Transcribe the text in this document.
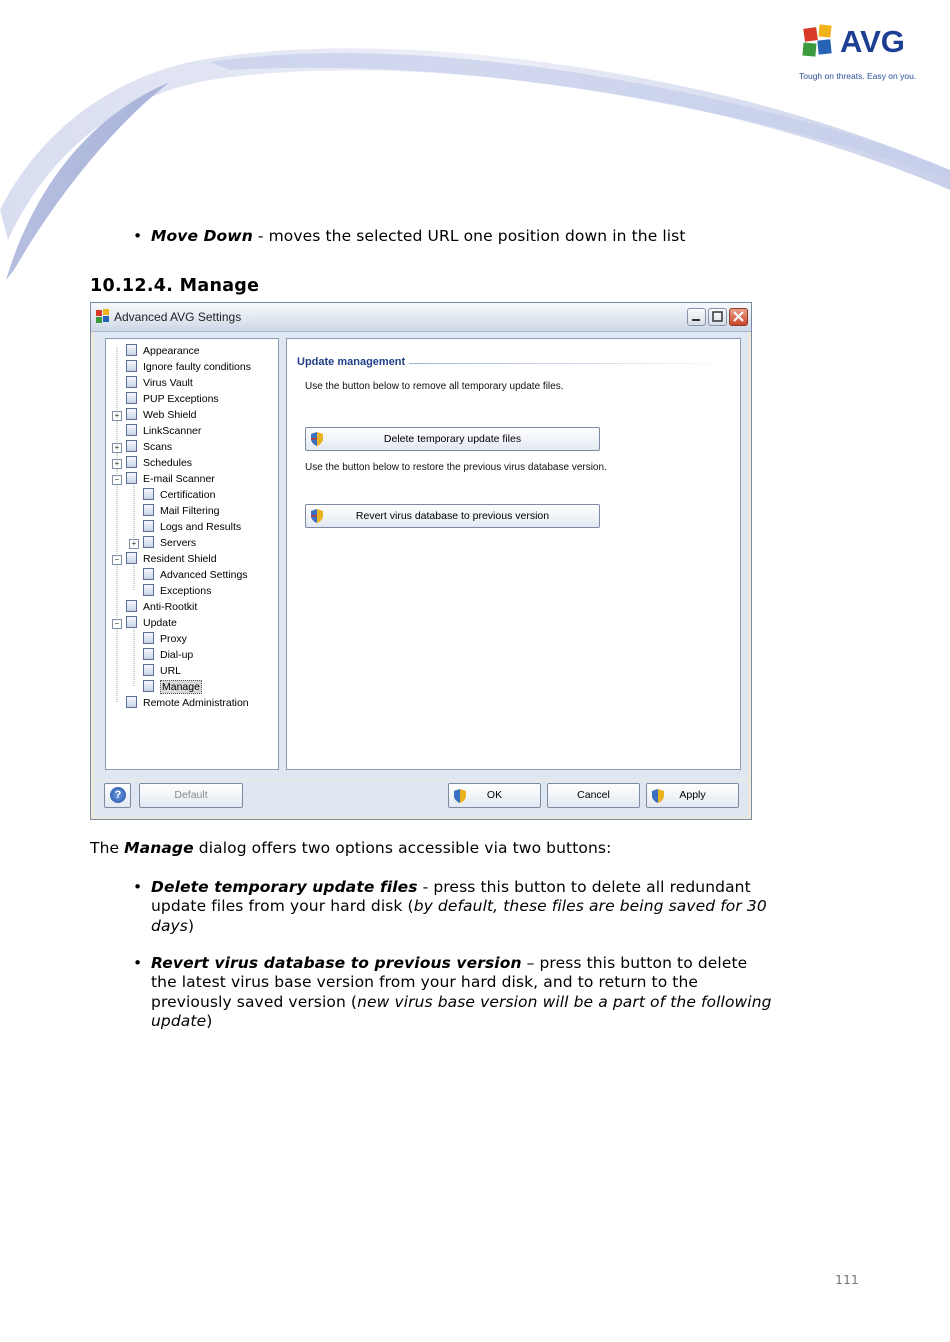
AVG
Tough on threats. Easy on you.
• Move Down - moves the selected URL one position down in the list
10.12.4. Manage
Advanced AVG Settings
+
+
+
−
+
−
−
Appearance
Ignore faulty conditions
Virus Vault
PUP Exceptions
Web Shield
LinkScanner
Scans
Schedules
E-mail Scanner
Certification
Mail Filtering
Logs and Results
Servers
Resident Shield
Advanced Settings
Exceptions
Anti-Rootkit
Update
Proxy
Dial-up
URL
Manage
Remote Administration
Update management
Use the button below to remove all temporary update files.
Delete temporary update files
Use the button below to restore the previous virus database version.
Revert virus database to previous version
?	Default	OK	Cancel	Apply
The Manage dialog offers two options accessible via two buttons:
• Delete temporary update files - press this button to delete all redundant
update files from your hard disk (by default, these files are being saved for 30
days)
• Revert virus database to previous version – press this button to delete
the latest virus base version from your hard disk, and to return to the
previously saved version (new virus base version will be a part of the following
update)
111
